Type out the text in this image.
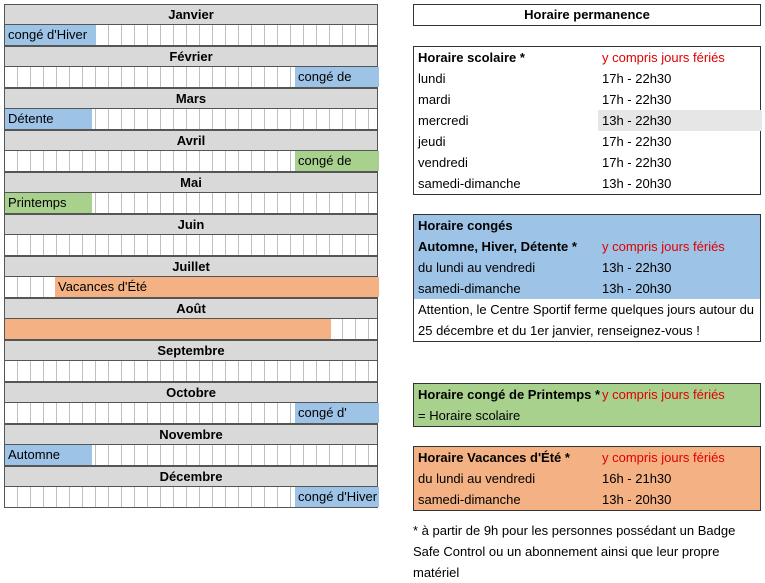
Janvier
congé d'Hiver
Février
congé de
Mars
Détente
Avril
congé de
Mai
Printemps
Juin
Juillet
Vacances d'Été
Août
Septembre
Octobre
congé d'
Novembre
Automne
Décembre
congé d'Hiver
Horaire permanence
Horaire scolaire *	y compris jours fériés
lundi	17h - 22h30
mardi	17h - 22h30
mercredi	13h - 22h30
jeudi	17h - 22h30
vendredi	17h - 22h30
samedi-dimanche	13h - 20h30
Horaire congés
Automne, Hiver, Détente * y compris jours fériés
du lundi au vendredi	13h - 22h30
samedi-dimanche	13h - 20h30
Attention, le Centre Sportif ferme quelques jours autour du 25 décembre et du 1er janvier, renseignez-vous !
Horaire congé de Printemps * y compris jours fériés
= Horaire scolaire
Horaire Vacances d'Été * y compris jours fériés
du lundi au vendredi	16h - 21h30
samedi-dimanche	13h - 20h30
* à partir de 9h pour les personnes possédant un Badge Safe Control ou un abonnement ainsi que leur propre matériel
